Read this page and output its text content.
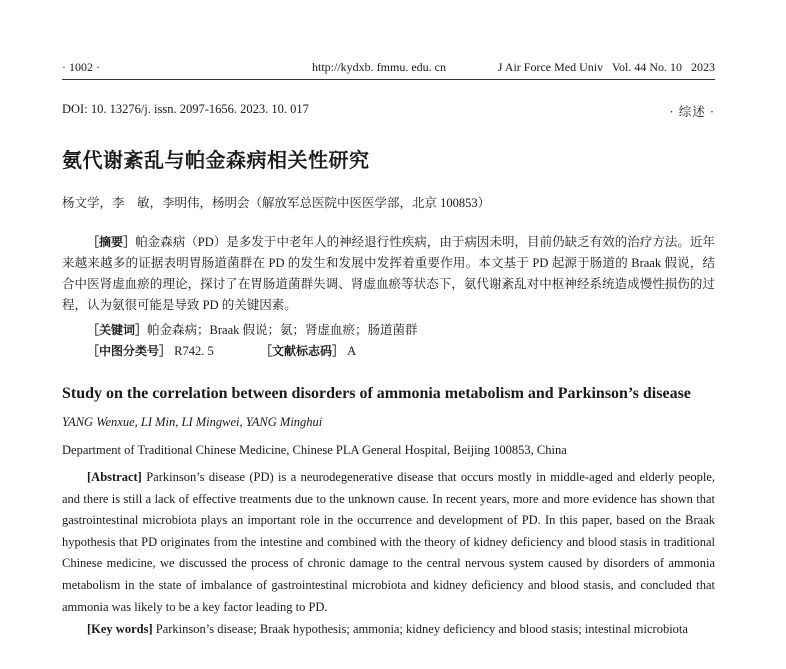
· 1002 ·	http://kydxb. fmmu. edu. cn	J Air Force Med Univ   Vol. 44 No. 10   2023
DOI: 10. 13276/j. issn. 2097-1656. 2023. 10. 017	· 综述 ·
氨代谢紊乱与帕金森病相关性研究
杨文学，李　敏，李明伟，杨明会（解放军总医院中医医学部，北京 100853）

［摘要］帕金森病（PD）是多发于中老年人的神经退行性疾病，由于病因未明，目前仍缺乏有效的治疗方法。近年来越来越多的证据表明胃肠道菌群在 PD 的发生和发展中发挥着重要作用。本文基于 PD 起源于肠道的 Braak 假说，结合中医肾虚血瘀的理论，探讨了在胃肠道菌群失调、肾虚血瘀等状态下，氨代谢紊乱对中枢神经系统造成慢性损伤的过程，认为氨很可能是导致 PD 的关键因素。

［关键词］帕金森病；Braak 假说；氨；肾虚血瘀；肠道菌群
［中图分类号］ R742. 5	［文献标志码］ A
Study on the correlation between disorders of ammonia metabolism and Parkinson’s disease
YANG Wenxue, LI Min, LI Mingwei, YANG Minghui
Department of Traditional Chinese Medicine, Chinese PLA General Hospital, Beijing 100853, China

[Abstract] Parkinson’s disease (PD) is a neurodegenerative disease that occurs mostly in middle-aged and elderly people, and there is still a lack of effective treatments due to the unknown cause. In recent years, more and more evidence has shown that gastrointestinal microbiota plays an important role in the occurrence and development of PD. In this paper, based on the Braak hypothesis that PD originates from the intestine and combined with the theory of kidney deficiency and blood stasis in traditional Chinese medicine, we discussed the process of chronic damage to the central nervous system caused by disorders of ammonia metabolism in the state of imbalance of gastrointestinal microbiota and kidney deficiency and blood stasis, and concluded that ammonia was likely to be a key factor leading to PD.

[Key words] Parkinson’s disease; Braak hypothesis; ammonia; kidney deficiency and blood stasis; intestinal microbiota
